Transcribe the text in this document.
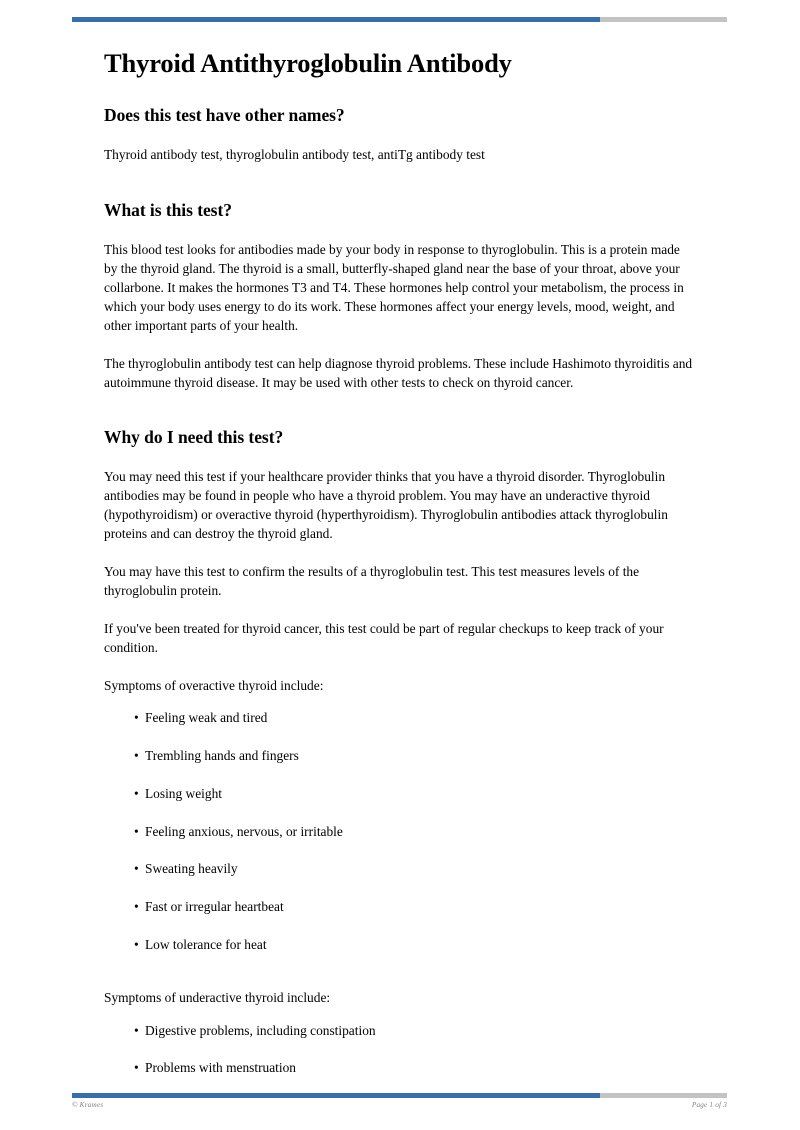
Thyroid Antithyroglobulin Antibody
Does this test have other names?

Thyroid antibody test, thyroglobulin antibody test, antiTg antibody test

What is this test?

This blood test looks for antibodies made by your body in response to thyroglobulin. This is a protein made by the thyroid gland. The thyroid is a small, butterfly-shaped gland near the base of your throat, above your collarbone. It makes the hormones T3 and T4. These hormones help control your metabolism, the process in which your body uses energy to do its work. These hormones affect your energy levels, mood, weight, and other important parts of your health.

The thyroglobulin antibody test can help diagnose thyroid problems. These include Hashimoto thyroiditis and autoimmune thyroid disease. It may be used with other tests to check on thyroid cancer.

Why do I need this test?

You may need this test if your healthcare provider thinks that you have a thyroid disorder. Thyroglobulin antibodies may be found in people who have a thyroid problem. You may have an underactive thyroid (hypothyroidism) or overactive thyroid (hyperthyroidism). Thyroglobulin antibodies attack thyroglobulin proteins and can destroy the thyroid gland.

You may have this test to confirm the results of a thyroglobulin test. This test measures levels of the thyroglobulin protein.

If you've been treated for thyroid cancer, this test could be part of regular checkups to keep track of your condition.

Symptoms of overactive thyroid include:

• Feeling weak and tired
• Trembling hands and fingers
• Losing weight
• Feeling anxious, nervous, or irritable
• Sweating heavily
• Fast or irregular heartbeat
• Low tolerance for heat

Symptoms of underactive thyroid include:

• Digestive problems, including constipation
• Problems with menstruation
© Krames	Page 1 of 3
